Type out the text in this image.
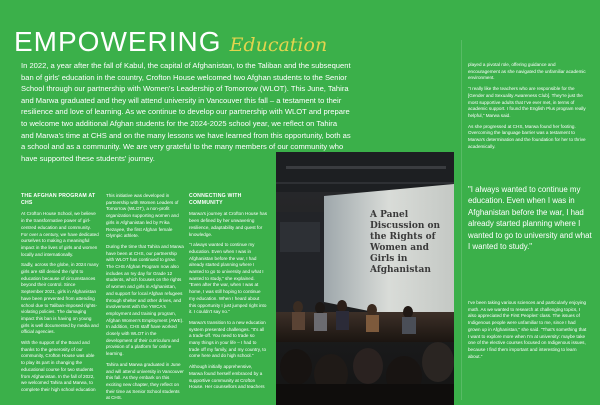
EMPOWERING Education

In 2022, a year after the fall of Kabul, the capital of Afghanistan, to the Taliban and the subsequent ban of girls' education in the country, Crofton House welcomed two Afghan students to the Senior School through our partnership with Women's Leadership of Tomorrow (WLOT). This June, Tahira and Marwa graduated and they will attend university in Vancouver this fall – a testament to their resilience and love of learning. As we continue to develop our partnership with WLOT and prepare to welcome two additional Afghan students for the 2024-2025 school year, we reflect on Tahira and Marwa's time at CHS and on the many lessons we have learned from this opportunity, both as a school and as a community. We are very grateful to the many members of our community who have supported these students' journey.

A Panel Discussion on the Rights of Women and Girls in Afghanistan
THE AFGHAN PROGRAM AT CHS

At Crofton House School, we believe in the transformative power of girl-centred education and community. For over a century, we have dedicated ourselves to making a meaningful impact in the lives of girls and women locally and internationally.

Sadly, across the globe, in 2024 many girls are still denied the right to education because of circumstances beyond their control. Since September 2021, girls in Afghanistan have been prevented from attending school due to Taliban-imposed rights-violating policies. The damaging impact this ban is having on young girls is well documented by media and official agencies.

With the support of the Board and thanks to the generosity of our community, Crofton House was able to play its part in changing the educational course for two students from Afghanistan. In the fall of 2022, we welcomed Tahira and Marwa, to complete their high school education

This initiative was developed in partnership with Women Leaders of Tomorrow (WLOT), a non-profit organization supporting women and girls in Afghanistan led by Frika Rezayee, the first Afghan female Olympic athlete.

During the time that Tahira and Marwa have been at CHS, our partnership with WLOT has continued to grow. The CHS Afghan Program now also includes an Ivy day for Grade 12 students, which focuses on the rights of women and girls in Afghanistan, and support for local Afghan refugees through shelter and other drives, and involvement with the YWCA's employment and training program, Afghan Women's Employment (AWE). In addition, CHS staff have worked closely with WLOT in the development of their curriculum and provision of a platform for online learning.

Tahira and Marwa graduated in June and will attend university in Vancouver this fall. As they embark on this exciting new chapter, they reflect on their time as Senior School students at CHS.

CONNECTING WITH COMMUNITY

Marwa's journey at Crofton House has been defined by her unwavering resilience, adaptability and quest for knowledge.

"I always wanted to continue my education. Even when I was in Afghanistan before the war, I had already started planning where I wanted to go to university and what I wanted to study," she explained. "Even after the war, when I was at home, I was still hoping to continue my education. When I heard about this opportunity I just jumped right into it. I couldn't say no."

Marwa's transition to a new education system presented challenges. "It's all a trade-off. You need to trade so many things in your life – I had to trade off my family, and my country, to come here and do high school."

Although initially apprehensive, Marwa found herself embraced by a supportive community at Crofton House. Her counsellors and teachers

played a pivotal role, offering guidance and encouragement as she navigated the unfamiliar academic environment.

"I really like the teachers who are responsible for the [Gender and Sexuality Awareness Club]. They're just the most supportive adults that I've ever met, in terms of academic support. I found the English Plus program really helpful," Marwa said.

As she progressed at CHS, Marwa found her footing. Overcoming the language barrier was a testament to Marwa's determination and the foundation for her to thrive academically.

"I always wanted to continue my education. Even when I was in Afghanistan before the war, I had already started planning where I wanted to go to university and what I wanted to study."

I've been taking various sciences and particularly enjoying math. As we wanted to research at challenging topics, I also appreciated the First Peoples' class. The issues of Indigenous people were unfamiliar to me, since I had grown up in Afghanistan," she said. "That's something that I want to explore more when I'm at university: maybe take one of the elective courses focused on Indigenous issues, because I find them important and interesting to learn about."
